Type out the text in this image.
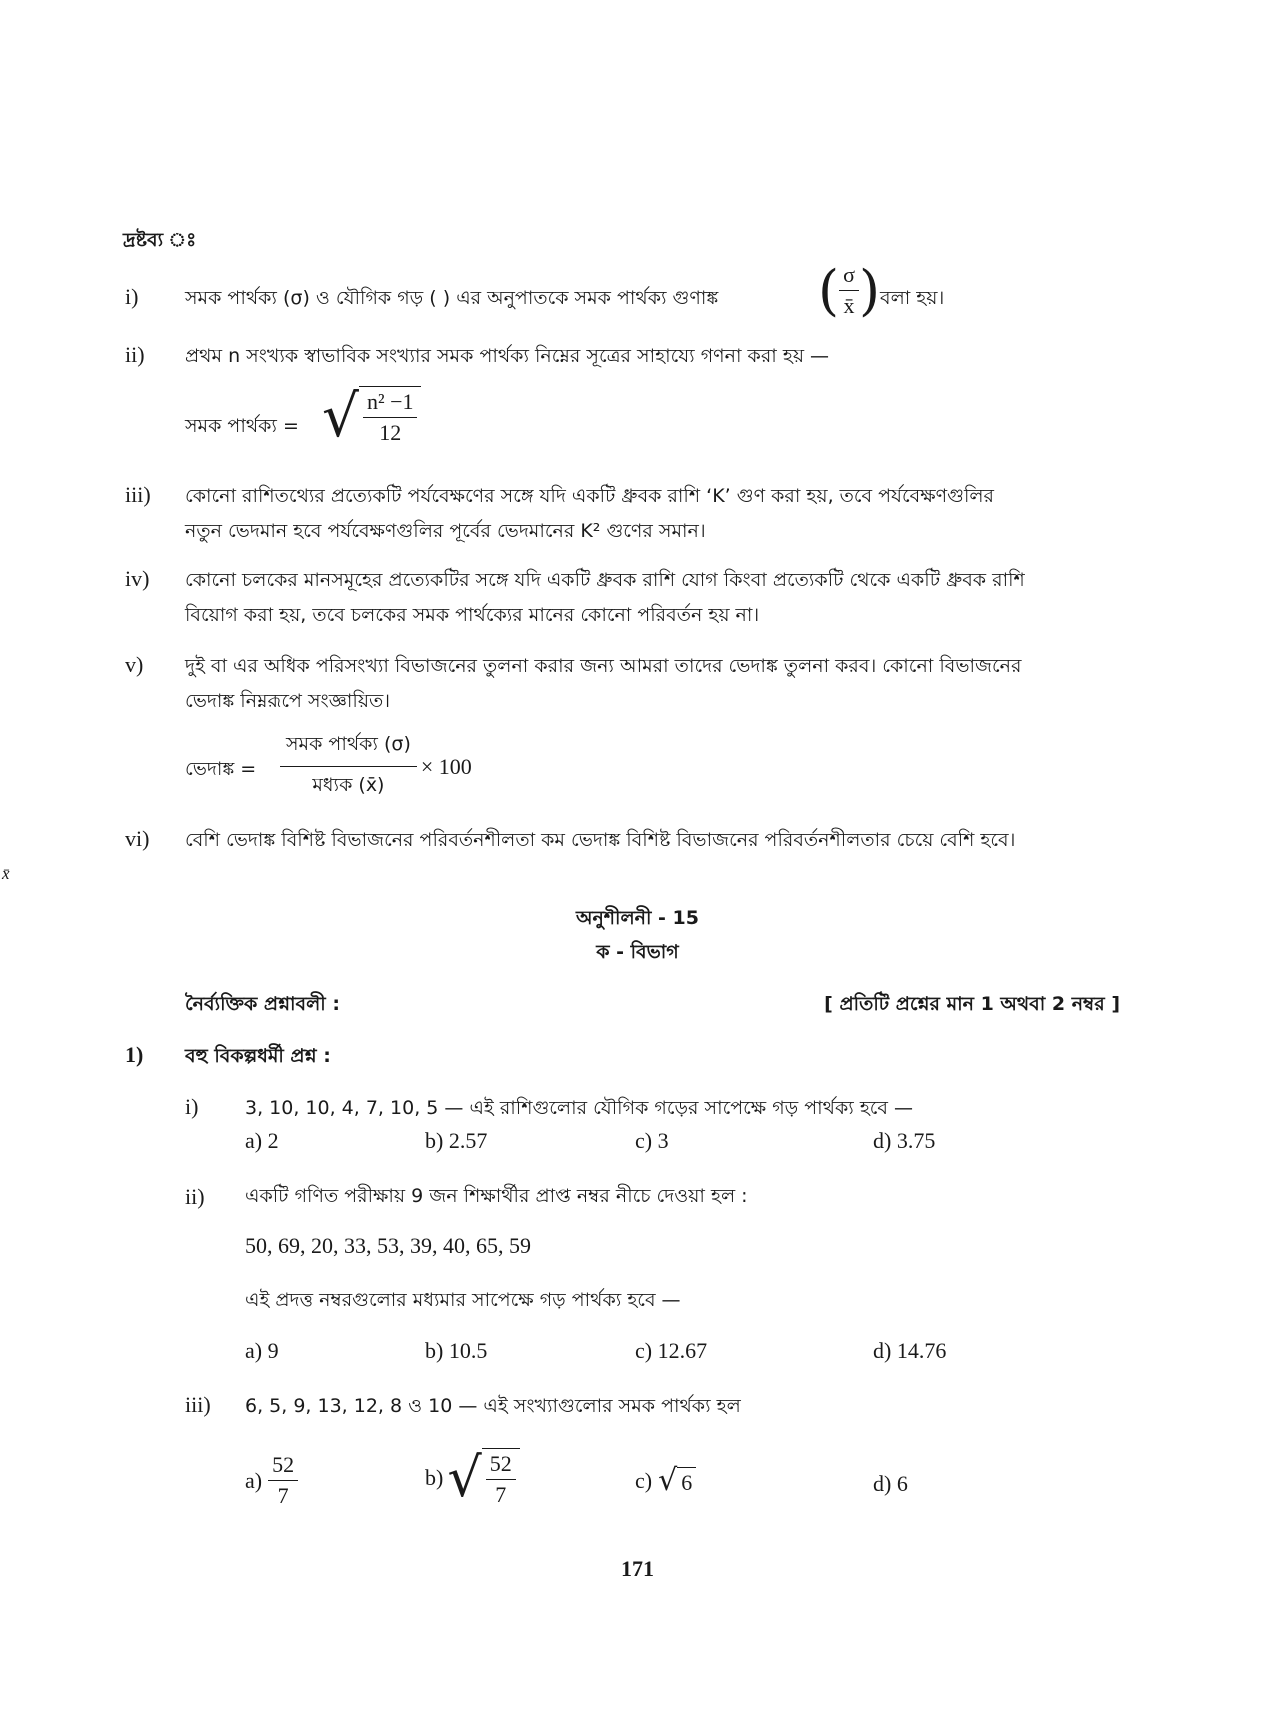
দ্রষ্টব্য ঃ
i) সমক পার্থক্য (σ) ও যৌগিক গড় ( ) এর অনুপাতকে সমক পার্থক্য গুণাঙ্ক ( $\frac{\sigma}{x̄}$ ) বলা হয়।
ii) প্রথম n সংখ্যক স্বাভাবিক সংখ্যার সমক পার্থক্য নিম্নের সূত্রের সাহায্যে গণনা করা হয় —
সমক পার্থক্য = √ $\frac{\text{n² −1}}{12}$
iii) কোনো রাশিতথ্যের প্রত্যেকটি পর্যবেক্ষণের সঙ্গে যদি একটি ধ্রুবক রাশি ‘K’ গুণ করা হয়, তবে পর্যবেক্ষণগুলির
নতুন ভেদমান হবে পর্যবেক্ষণগুলির পূর্বের ভেদমানের K² গুণের সমান।
iv) কোনো চলকের মানসমূহের প্রত্যেকটির সঙ্গে যদি একটি ধ্রুবক রাশি যোগ কিংবা প্রত্যেকটি থেকে একটি ধ্রুবক রাশি
বিয়োগ করা হয়, তবে চলকের সমক পার্থক্যের মানের কোনো পরিবর্তন হয় না।
v) দুই বা এর অধিক পরিসংখ্যা বিভাজনের তুলনা করার জন্য আমরা তাদের ভেদাঙ্ক তুলনা করব। কোনো বিভাজনের
ভেদাঙ্ক নিম্নরূপে সংজ্ঞায়িত।
ভেদাঙ্ক = $\frac{\text{সমক পার্থক্য (σ)}}{\text{মধ্যক (x̄)}} \times 100$
vi) বেশি ভেদাঙ্ক বিশিষ্ট বিভাজনের পরিবর্তনশীলতা কম ভেদাঙ্ক বিশিষ্ট বিভাজনের পরিবর্তনশীলতার চেয়ে বেশি হবে।
x̄
অনুশীলনী - 15
ক - বিভাগ
নৈর্ব্যক্তিক প্রশ্নাবলী :	[ প্রতিটি প্রশ্নের মান 1 অথবা 2 নম্বর ]
1) বহু বিকল্পধর্মী প্রশ্ন :
i) 3, 10, 10, 4, 7, 10, 5 — এই রাশিগুলোর যৌগিক গড়ের সাপেক্ষে গড় পার্থক্য হবে —
a) 2	b) 2.57	c) 3	d) 3.75
ii) একটি গণিত পরীক্ষায় 9 জন শিক্ষার্থীর প্রাপ্ত নম্বর নীচে দেওয়া হল :
50, 69, 20, 33, 53, 39, 40, 65, 59
এই প্রদত্ত নম্বরগুলোর মধ্যমার সাপেক্ষে গড় পার্থক্য হবে —
a) 9	b) 10.5	c) 12.67	d) 14.76
iii) 6, 5, 9, 13, 12, 8 ও 10 — এই সংখ্যাগুলোর সমক পার্থক্য হল
$a) \frac{52}{7}$	b) √ $\frac{52}{7}$	c) √ 6	d) 6
171
